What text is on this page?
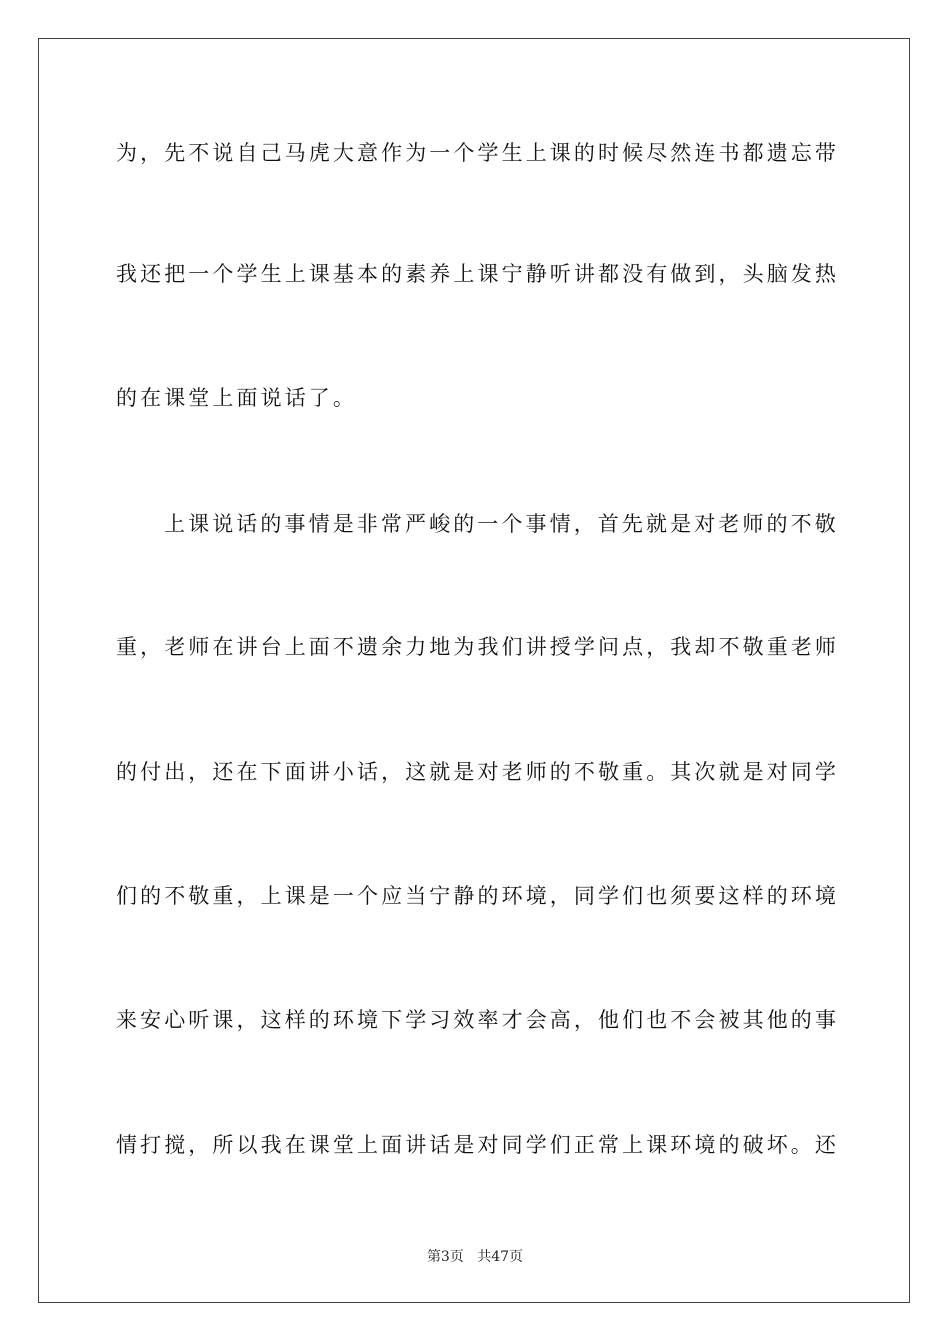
为，先不说自己马虎大意作为一个学生上课的时候尽然连书都遗忘带
我还把一个学生上课基本的素养上课宁静听讲都没有做到，头脑发热
的在课堂上面说话了。
上课说话的事情是非常严峻的一个事情，首先就是对老师的不敬
重，老师在讲台上面不遗余力地为我们讲授学问点，我却不敬重老师
的付出，还在下面讲小话，这就是对老师的不敬重。其次就是对同学
们的不敬重，上课是一个应当宁静的环境，同学们也须要这样的环境
来安心听课，这样的环境下学习效率才会高，他们也不会被其他的事
情打搅，所以我在课堂上面讲话是对同学们正常上课环境的破坏。还
第3页 共47页
